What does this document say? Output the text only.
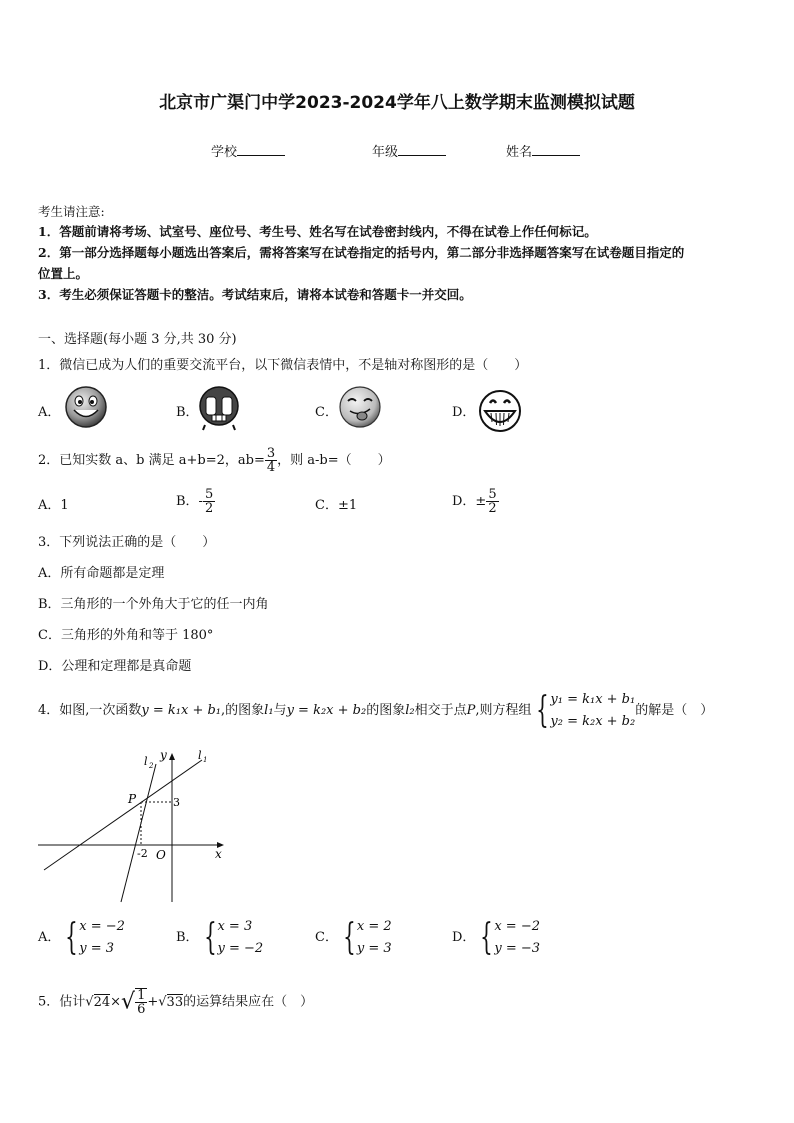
北京市广渠门中学2023-2024学年八上数学期末监测模拟试题
学校	年级	姓名
考生请注意:
1．答题前请将考场、试室号、座位号、考生号、姓名写在试卷密封线内，不得在试卷上作任何标记。
2．第一部分选择题每小题选出答案后，需将答案写在试卷指定的括号内，第二部分非选择题答案写在试卷题目指定的
位置上。
3．考生必须保证答题卡的整洁。考试结束后，请将本试卷和答题卡一并交回。
一、选择题(每小题 3 分,共 30 分)
1．微信已成为人们的重要交流平台，以下微信表情中，不是轴对称图形的是（　　）
A．	B．	C．	D．
2．已知实数 a、b 满足 a+b=2，$ab= \frac{3}{4}$ ，则 a-b=（　　）
A．1	B．- $\frac{5}{2}$	C．±1	D．± $\frac{5}{2}$
3．下列说法正确的是（　　）
A．所有命题都是定理
B．三角形的一个外角大于它的任一内角
C．三角形的外角和等于 180°
D．公理和定理都是真命题
4．如图,一次函数y = k₁x + b₁,的图象l₁与y = k₂x + b₂的图象l₂相交于点P,则方程组 { y₁ = k₁x + b₁
y₂ = k₂x + b₂
的解是（　）
l 1
l 2
y
x
P	3
-2 O
A． { x = −2
y = 3
B． { x = 3
y = −2
C． { x = 2
y = 3
D． { x = −2
y = −3
5．估计$√24\times√ \frac{1}{6} +√33$的运算结果应在（　）
